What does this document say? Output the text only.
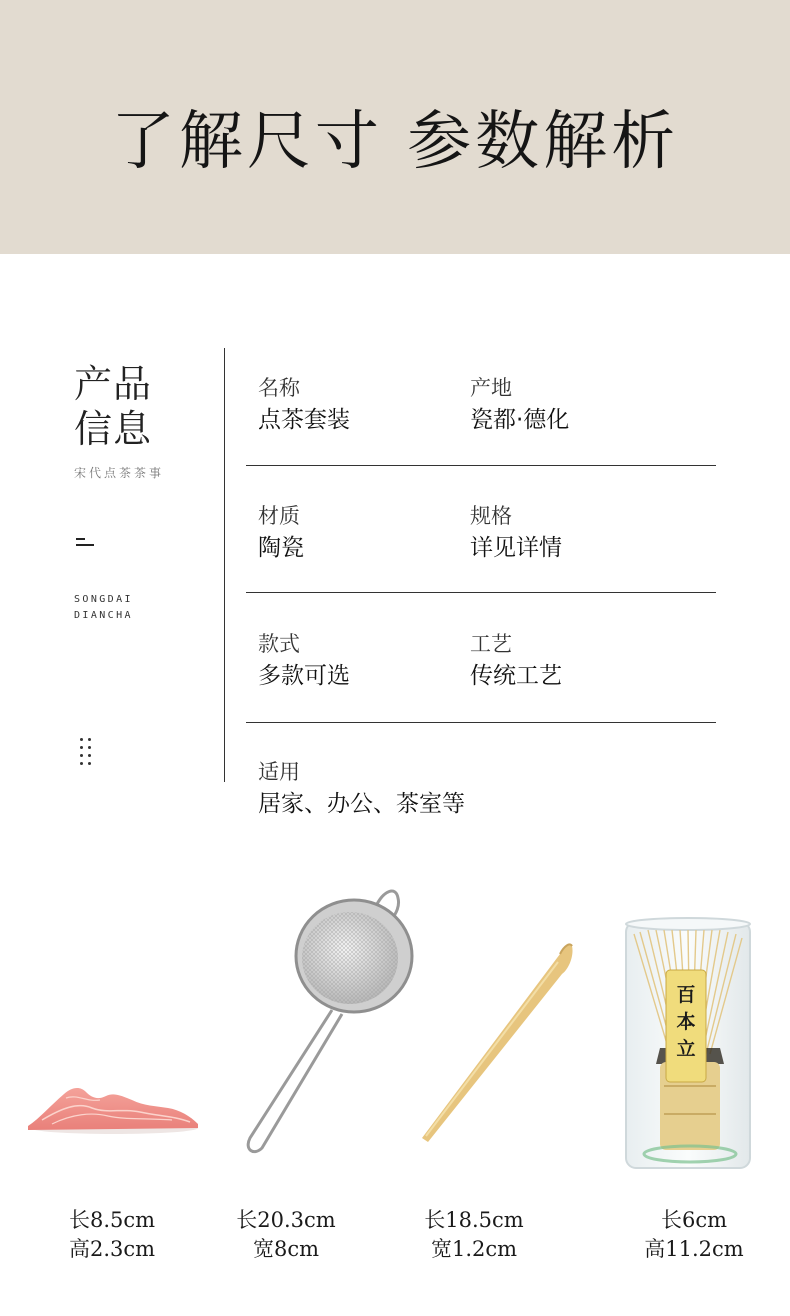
了解尺寸 参数解析
产品
信息
宋代点茶茶事
SONGDAI
DIANCHA
名称
点茶套装
产地
瓷都·德化
材质
陶瓷
规格
详见详情
款式
多款可选
工艺
传统工艺
适用
居家、办公、茶室等
百本立
长8.5cm
高2.3cm
长20.3cm
宽8cm
长18.5cm
宽1.2cm
长6cm
高11.2cm
